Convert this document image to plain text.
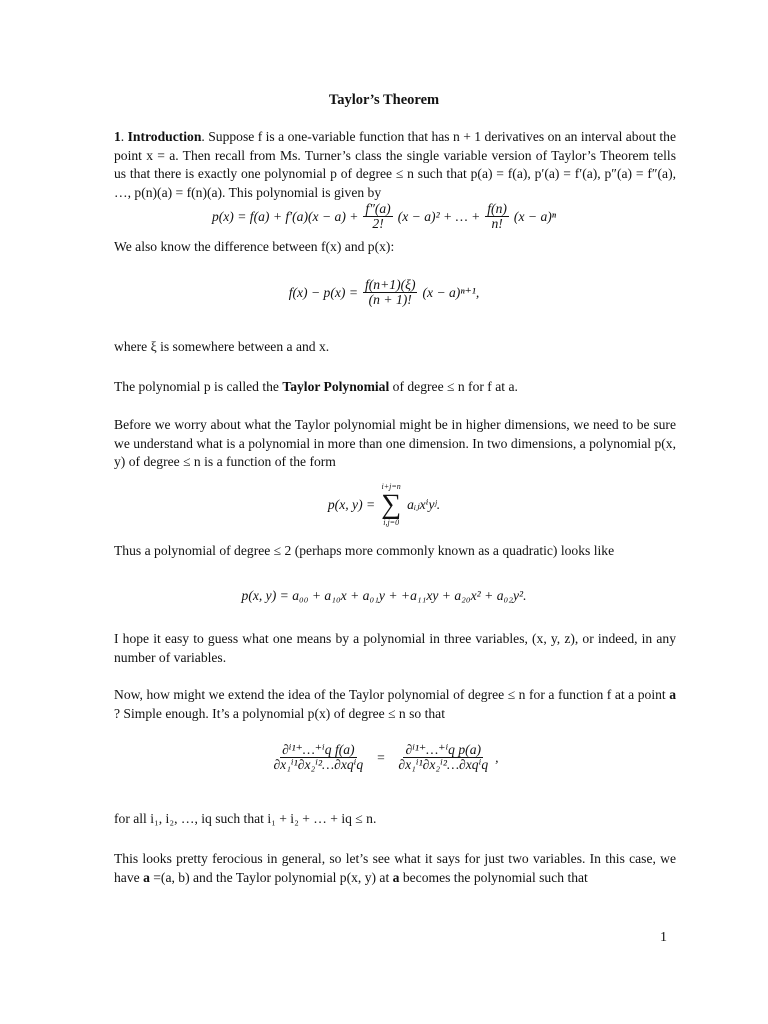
Taylor’s Theorem
1. Introduction. Suppose f is a one-variable function that has n + 1 derivatives on an interval about the point x = a. Then recall from Ms. Turner’s class the single variable version of Taylor’s Theorem tells us that there is exactly one polynomial p of degree ≤ n such that p(a) = f(a), p′(a) = f′(a), p″(a) = f″(a), …, p(n)(a) = f(n)(a). This polynomial is given by
$p(x) = f(a) + f'(a)(x - a) + \frac{f''(a)}{2!} (x - a)^2$ + … + $\frac{f(n)}{n!} (x - a)^n$
We also know the difference between f(x) and p(x):
$f(x) - p(x) = \frac{f(n+1)(\xi)}{(n + 1)!} (x - a)^{n+1}$,
where ξ is somewhere between a and x.
The polynomial p is called the Taylor Polynomial of degree ≤ n for f at a.
Before we worry about what the Taylor polynomial might be in higher dimensions, we need to be sure we understand what is a polynomial in more than one dimension. In two dimensions, a polynomial p(x, y) of degree ≤ n is a function of the form
p(x, y) =
i+j=n
∑
i,j=0
aᵢⱼxⁱyʲ.
Thus a polynomial of degree ≤ 2 (perhaps more commonly known as a quadratic) looks like
p(x, y) = a₀₀ + a₁₀x + a₀₁y + +a₁₁xy + a₂₀x² + a₀₂y².
I hope it easy to guess what one means by a polynomial in three variables, (x, y, z), or indeed, in any number of variables.
Now, how might we extend the idea of the Taylor polynomial of degree ≤ n for a function f at a point a ? Simple enough. It’s a polynomial p(x) of degree ≤ n so that
$\frac{\text{∂ⁱ¹⁺…⁺ⁱq f(a)}}{\text{∂x₁ⁱ¹∂x₂ⁱ²…∂xqⁱq}} = \frac{\text{∂ⁱ¹⁺…⁺ⁱq p(a)}}{\text{∂x₁ⁱ¹∂x₂ⁱ²…∂xqⁱq}}$ ,
for all i₁, i₂, …, iq such that i₁ + i₂ + … + iq ≤ n.
This looks pretty ferocious in general, so let’s see what it says for just two variables. In this case, we have a =(a, b) and the Taylor polynomial p(x, y) at a becomes the polynomial such that
1
